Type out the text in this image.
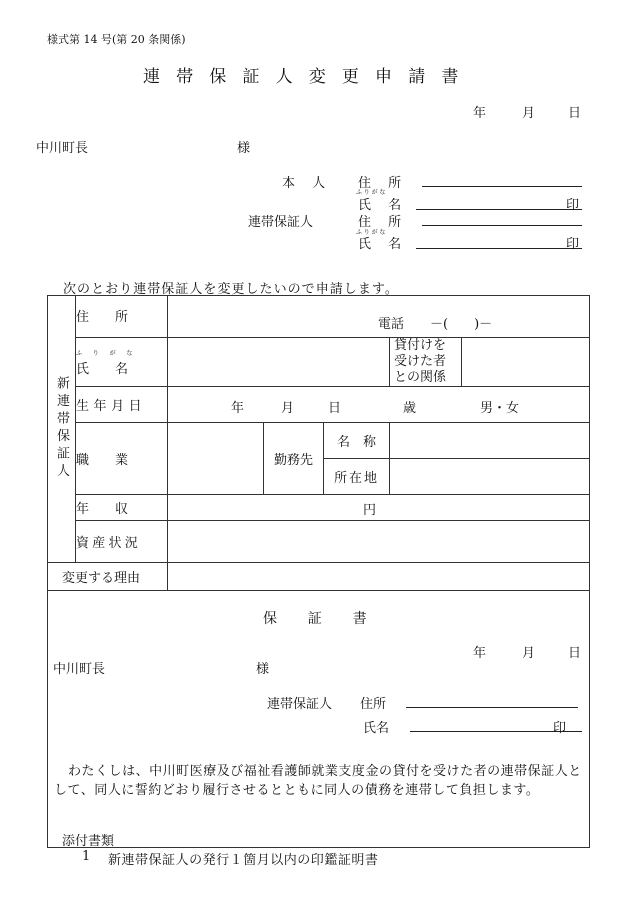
様式第 14 号(第 20 条関係)
連帯保証人変更申請書
年	月	日
中川町長	様
本 人 住 所
ふりがな
氏 名	印
連帯保証人	住 所
ふりがな
氏 名	印
次のとおり連帯保証人を変更したいので申請します。
新連帯保証人	住　　所	電話　　－(　　)－				

	ふ　り　が　な
氏　　名				貸付けを受けた者との関係	
	生年月日	年 月 日 歳 男・女				

	職　　業		勤務先	名　称		
				所在地		
	年　　収	円				

	資産状況					
変更する理由						

保　証　書
年	月	日
中川町長	様
連帯保証人 住所
氏名	印
わたくしは、中川町医療及び福祉看護師就業支度金の貸付を受けた者の連帯保証人として、同人に誓約どおり履行させるとともに同人の債務を連帯して負担します。
添付書類
1 新連帯保証人の発行１箇月以内の印鑑証明書
